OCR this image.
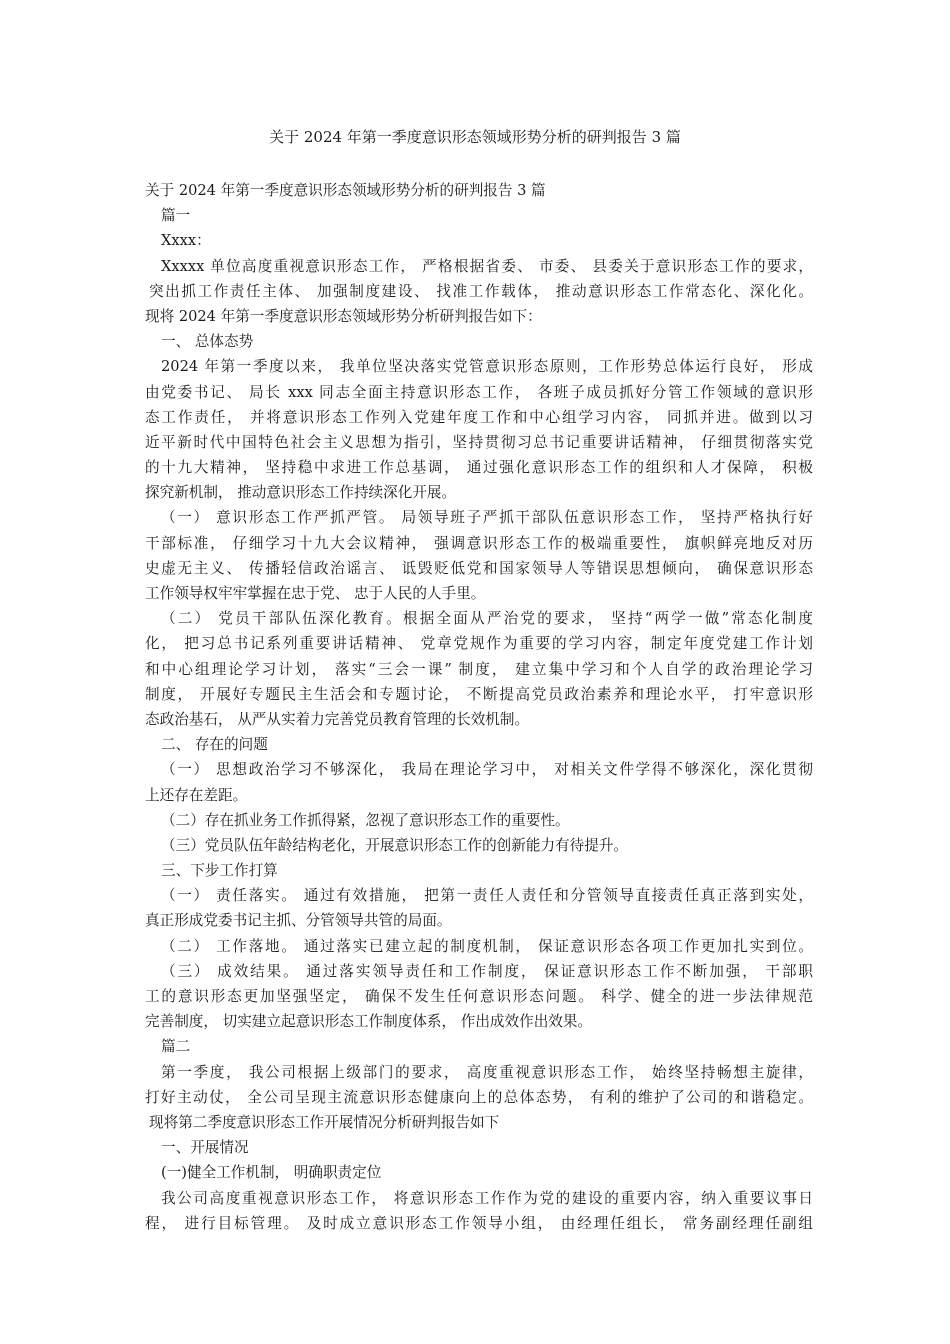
关于 2024 年第一季度意识形态领域形势分析的研判报告 3 篇
关于 2024 年第一季度意识形态领域形势分析的研判报告 3 篇
篇一
Xxxx：
Xxxxx 单位高度重视意识形态工作， 严格根据省委、 市委、 县委关于意识形态工作的要求，
突出抓工作责任主体、 加强制度建设、 找准工作载体， 推动意识形态工作常态化、深化化。
现将 2024 年第一季度意识形态领域形势分析研判报告如下：
一、 总体态势
2024 年第一季度以来， 我单位坚决落实党管意识形态原则，工作形势总体运行良好， 形成
由党委书记、 局长 xxx 同志全面主持意识形态工作， 各班子成员抓好分管工作领域的意识形
态工作责任， 并将意识形态工作列入党建年度工作和中心组学习内容， 同抓并进。做到以习
近平新时代中国特色社会主义思想为指引，坚持贯彻习总书记重要讲话精神， 仔细贯彻落实党
的十九大精神， 坚持稳中求进工作总基调， 通过强化意识形态工作的组织和人才保障， 积极
探究新机制， 推动意识形态工作持续深化开展。
（一） 意识形态工作严抓严管。 局领导班子严抓干部队伍意识形态工作， 坚持严格执行好
干部标准， 仔细学习十九大会议精神， 强调意识形态工作的极端重要性， 旗帜鲜亮地反对历
史虚无主义、 传播轻信政治谣言、 诋毁贬低党和国家领导人等错误思想倾向， 确保意识形态
工作领导权牢牢掌握在忠于党、 忠于人民的人手里。
（二） 党员干部队伍深化教育。根据全面从严治党的要求， 坚持“两学一做”常态化制度
化， 把习总书记系列重要讲话精神、 党章党规作为重要的学习内容，制定年度党建工作计划
和中心组理论学习计划， 落实“三会一课” 制度， 建立集中学习和个人自学的政治理论学习
制度， 开展好专题民主生活会和专题讨论， 不断提高党员政治素养和理论水平， 打牢意识形
态政治基石， 从严从实着力完善党员教育管理的长效机制。
二、 存在的问题
（一） 思想政治学习不够深化， 我局在理论学习中， 对相关文件学得不够深化，深化贯彻
上还存在差距。
（二）存在抓业务工作抓得紧，忽视了意识形态工作的重要性。
（三）党员队伍年龄结构老化，开展意识形态工作的创新能力有待提升。
三、下步工作打算
（一） 责任落实。 通过有效措施， 把第一责任人责任和分管领导直接责任真正落到实处，
真正形成党委书记主抓、分管领导共管的局面。
（二） 工作落地。 通过落实已建立起的制度机制， 保证意识形态各项工作更加扎实到位。
（三） 成效结果。 通过落实领导责任和工作制度， 保证意识形态工作不断加强， 干部职
工的意识形态更加坚强坚定， 确保不发生任何意识形态问题。 科学、健全的进一步法律规范
完善制度， 切实建立起意识形态工作制度体系， 作出成效作出效果。
篇二
第一季度， 我公司根据上级部门的要求， 高度重视意识形态工作， 始终坚持畅想主旋律，
打好主动仗， 全公司呈现主流意识形态健康向上的总体态势， 有利的维护了公司的和谐稳定。
现将第二季度意识形态工作开展情况分析研判报告如下
一、开展情况
(一)健全工作机制， 明确职责定位
我公司高度重视意识形态工作， 将意识形态工作作为党的建设的重要内容，纳入重要议事日
程， 进行目标管理。 及时成立意识形态工作领导小组， 由经理任组长， 常务副经理任副组
